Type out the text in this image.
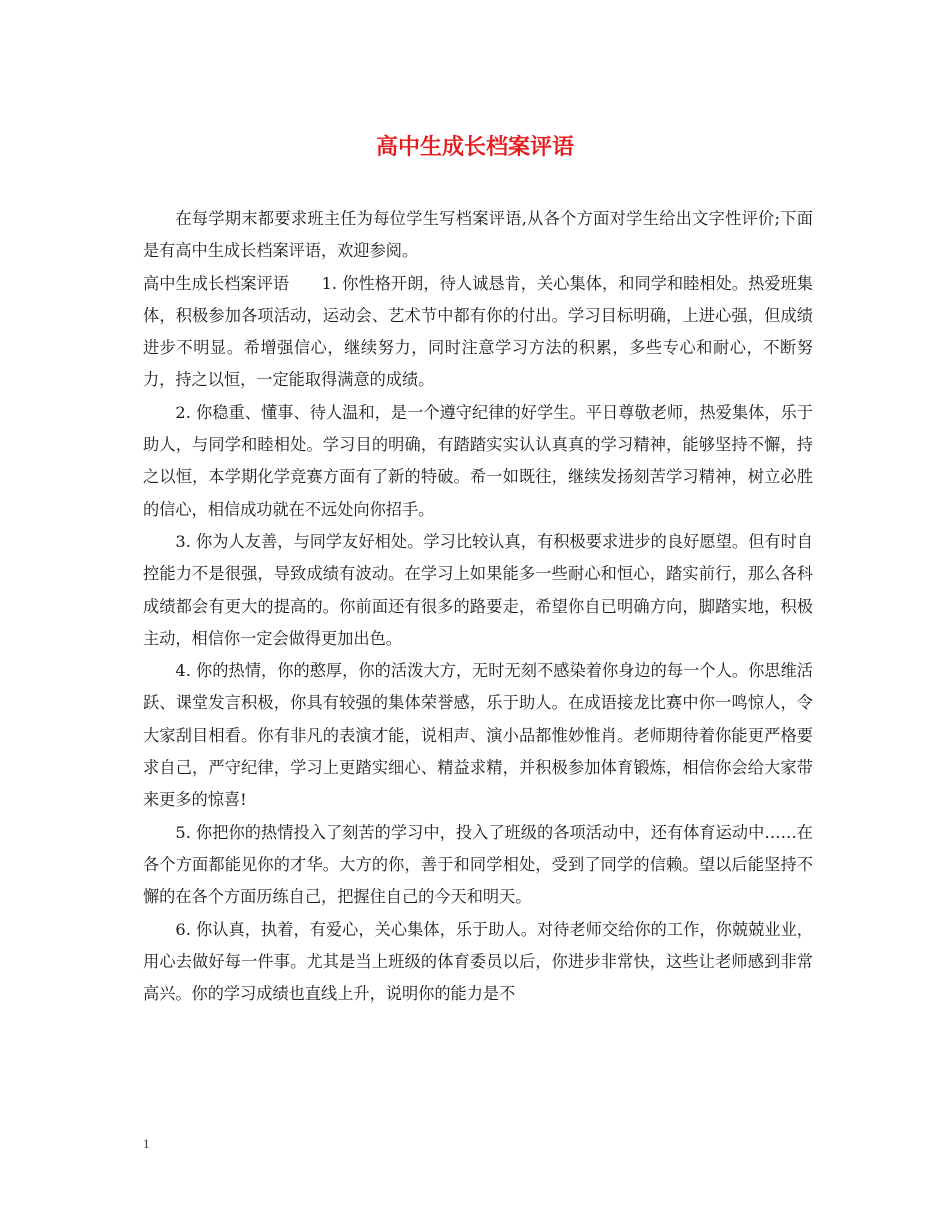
高中生成长档案评语

在每学期末都要求班主任为每位学生写档案评语,从各个方面对学生给出文字性评价;下面是有高中生成长档案评语，欢迎参阅。

高中生成长档案评语　　1. 你性格开朗，待人诚恳肯，关心集体，和同学和睦相处。热爱班集体，积极参加各项活动，运动会、艺术节中都有你的付出。学习目标明确，上进心强，但成绩进步不明显。希增强信心，继续努力，同时注意学习方法的积累，多些专心和耐心，不断努力，持之以恒，一定能取得满意的成绩。

2. 你稳重、懂事、待人温和，是一个遵守纪律的好学生。平日尊敬老师，热爱集体，乐于助人，与同学和睦相处。学习目的明确，有踏踏实实认认真真的学习精神，能够坚持不懈，持之以恒，本学期化学竞赛方面有了新的特破。希一如既往，继续发扬刻苦学习精神，树立必胜的信心，相信成功就在不远处向你招手。

3. 你为人友善，与同学友好相处。学习比较认真，有积极要求进步的良好愿望。但有时自控能力不是很强，导致成绩有波动。在学习上如果能多一些耐心和恒心，踏实前行，那么各科成绩都会有更大的提高的。你前面还有很多的路要走，希望你自已明确方向，脚踏实地，积极主动，相信你一定会做得更加出色。

4. 你的热情，你的憨厚，你的活泼大方，无时无刻不感染着你身边的每一个人。你思维活跃、课堂发言积极，你具有较强的集体荣誉感，乐于助人。在成语接龙比赛中你一鸣惊人，令大家刮目相看。你有非凡的表演才能，说相声、演小品都惟妙惟肖。老师期待着你能更严格要求自己，严守纪律，学习上更踏实细心、精益求精，并积极参加体育锻炼，相信你会给大家带来更多的惊喜!

5. 你把你的热情投入了刻苦的学习中，投入了班级的各项活动中，还有体育运动中……在各个方面都能见你的才华。大方的你，善于和同学相处，受到了同学的信赖。望以后能坚持不懈的在各个方面历练自己，把握住自己的今天和明天。

6. 你认真，执着，有爱心，关心集体，乐于助人。对待老师交给你的工作，你兢兢业业，用心去做好每一件事。尤其是当上班级的体育委员以后，你进步非常快，这些让老师感到非常高兴。你的学习成绩也直线上升，说明你的能力是不

1
